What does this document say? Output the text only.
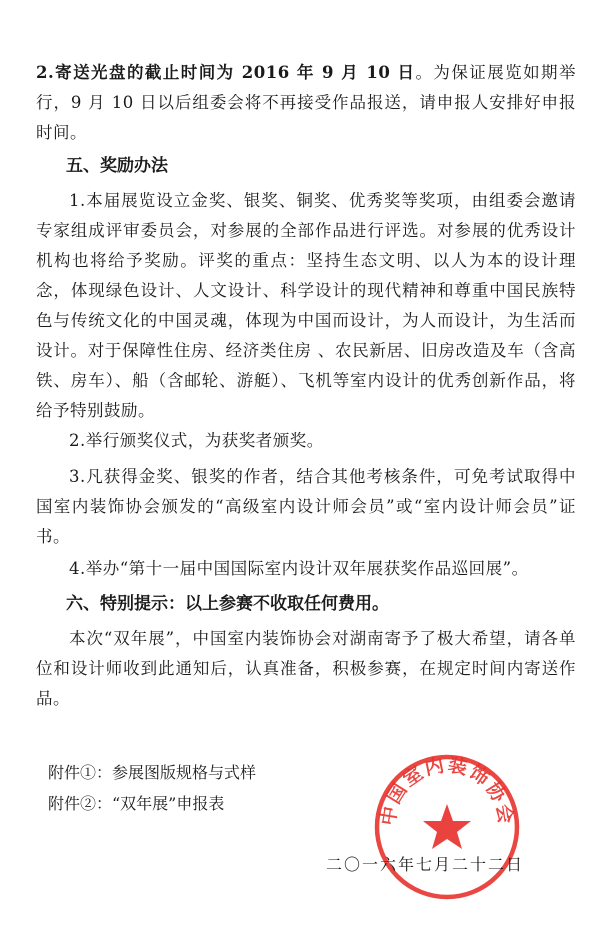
2.寄送光盘的截止时间为 2016 年 9 月 10 日。为保证展览如期举行，9 月 10 日以后组委会将不再接受作品报送，请申报人安排好申报时间。

五、奖励办法

1.本届展览设立金奖、银奖、铜奖、优秀奖等奖项，由组委会邀请专家组成评审委员会，对参展的全部作品进行评选。对参展的优秀设计机构也将给予奖励。评奖的重点：坚持生态文明、以人为本的设计理念，体现绿色设计、人文设计、科学设计的现代精神和尊重中国民族特色与传统文化的中国灵魂，体现为中国而设计，为人而设计，为生活而设计。对于保障性住房、经济类住房 、农民新居、旧房改造及车（含高铁、房车）、船（含邮轮、游艇）、飞机等室内设计的优秀创新作品，将给予特别鼓励。

2.举行颁奖仪式，为获奖者颁奖。

3.凡获得金奖、银奖的作者，结合其他考核条件，可免考试取得中国室内装饰协会颁发的“高级室内设计师会员”或“室内设计师会员”证书。

4.举办“第十一届中国国际室内设计双年展获奖作品巡回展”。

六、特别提示：以上参赛不收取任何费用。

本次“双年展”，中国室内装饰协会对湖南寄予了极大希望，请各单位和设计师收到此通知后，认真准备，积极参赛，在规定时间内寄送作品。

附件①：参展图版规格与式样

附件②：“双年展”申报表	中国室内装饰协会

二〇一六年七月二十二日
